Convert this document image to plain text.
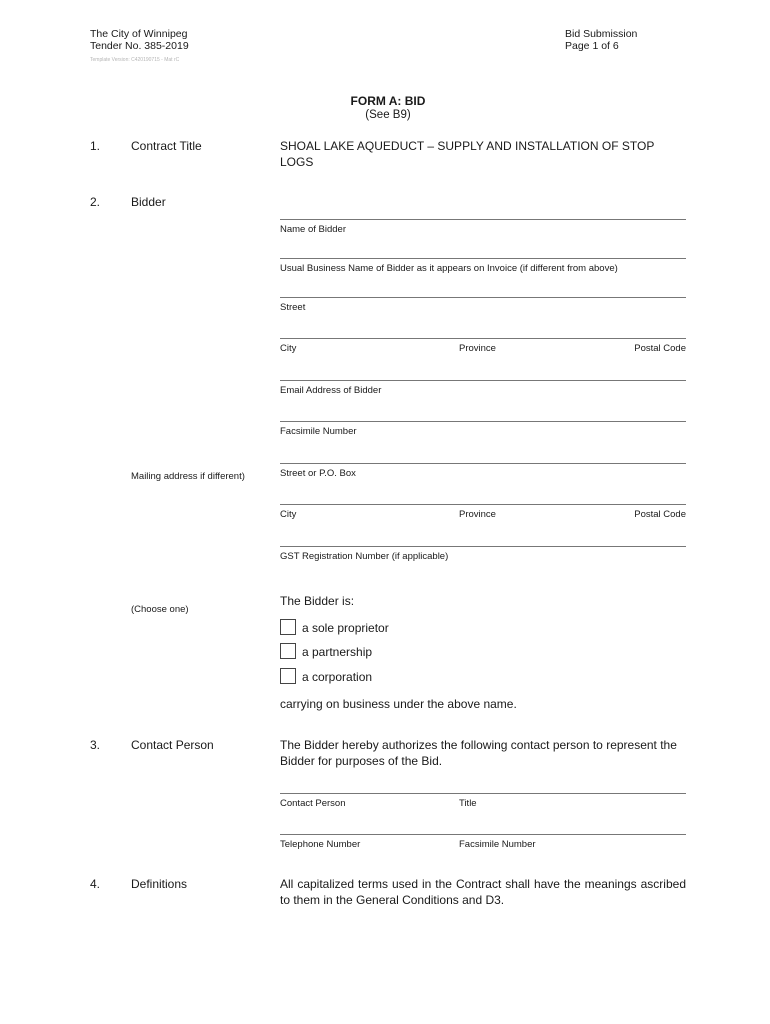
The City of Winnipeg
Tender No. 385-2019
Template Version: C420190715 - Mat rC
Bid Submission
Page 1 of 6
FORM A: BID
(See B9)
1.	Contract Title	SHOAL LAKE AQUEDUCT – SUPPLY AND INSTALLATION OF STOP LOGS
2.	Bidder
Name of Bidder
Usual Business Name of Bidder as it appears on Invoice (if different from above)
Street
City	Province	Postal Code
Email Address of Bidder
Facsimile Number
Mailing address if different)	Street or P.O. Box
City	Province	Postal Code
GST Registration Number (if applicable)
(Choose one)
The Bidder is:
a sole proprietor
a partnership
a corporation
carrying on business under the above name.
3.	Contact Person	The Bidder hereby authorizes the following contact person to represent the Bidder for purposes of the Bid.
Contact Person	Title
Telephone Number	Facsimile Number
4.	Definitions	All capitalized terms used in the Contract shall have the meanings ascribed to them in the General Conditions and D3.
